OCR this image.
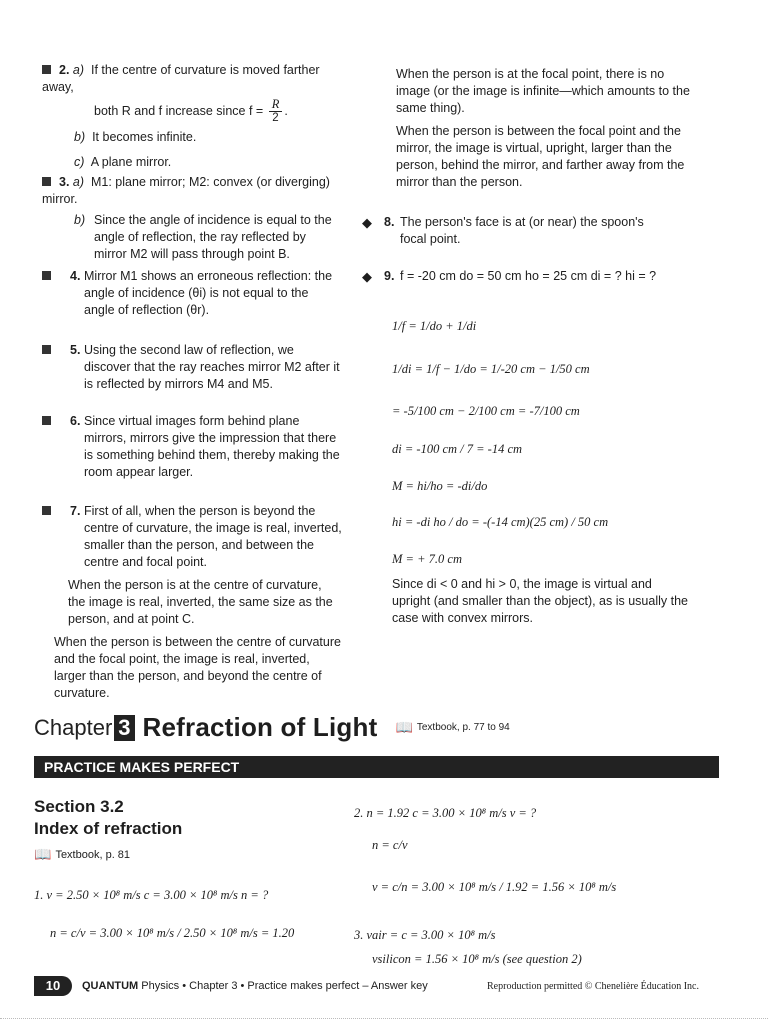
2. a) If the centre of curvature is moved farther away,
both R and f increase since $f = \frac{R}{2}$ .
b) It becomes infinite.
c) A plane mirror.
3. a) M1: plane mirror; M2: convex (or diverging) mirror.
b) Since the angle of incidence is equal to the angle of reflection, the ray reflected by mirror M2 will pass through point B.
4. Mirror M1 shows an erroneous reflection: the angle of incidence (θi) is not equal to the angle of reflection (θr).
5. Using the second law of reflection, we discover that the ray reaches mirror M2 after it is reflected by mirrors M4 and M5.
6. Since virtual images form behind plane mirrors, mirrors give the impression that there is something behind them, thereby making the room appear larger.
7. First of all, when the person is beyond the centre of curvature, the image is real, inverted, smaller than the person, and between the centre and focal point.
When the person is at the centre of curvature, the image is real, inverted, the same size as the person, and at point C.
When the person is between the centre of curvature and the focal point, the image is real, inverted, larger than the person, and beyond the centre of curvature.
When the person is at the focal point, there is no image (or the image is infinite—which amounts to the same thing).
When the person is between the focal point and the mirror, the image is virtual, upright, larger than the person, behind the mirror, and farther away from the mirror than the person.
◆ 8. The person's face is at (or near) the spoon's focal point.
◆ 9. f = -20 cm do = 50 cm ho = 25 cm di = ? hi = ?
1/f = 1/do + 1/di
1/di = 1/f − 1/do = 1/-20 cm − 1/50 cm
= -5/100 cm − 2/100 cm = -7/100 cm
di = -100 cm / 7 = -14 cm
M = hi/ho = -di/do
hi = -di ho / do = -(-14 cm)(25 cm) / 50 cm
M = + 7.0 cm
Since di < 0 and hi > 0, the image is virtual and upright (and smaller than the object), as is usually the case with convex mirrors.
Chapter 3 Refraction of Light 📖 Textbook, p. 77 to 94
PRACTICE MAKES PERFECT
Section 3.2
Index of refraction
📖 Textbook, p. 81
1. v = 2.50 × 10⁸ m/s c = 3.00 × 10⁸ m/s n = ?
n = c/v = 3.00 × 10⁸ m/s / 2.50 × 10⁸ m/s = 1.20
2. n = 1.92 c = 3.00 × 10⁸ m/s v = ?
n = c/v
v = c/n = 3.00 × 10⁸ m/s / 1.92 = 1.56 × 10⁸ m/s
3. vair = c = 3.00 × 10⁸ m/s
vsilicon = 1.56 × 10⁸ m/s (see question 2)
10	QUANTUM Physics • Chapter 3 • Practice makes perfect – Answer key	Reproduction permitted © Chenelière Éducation Inc.
